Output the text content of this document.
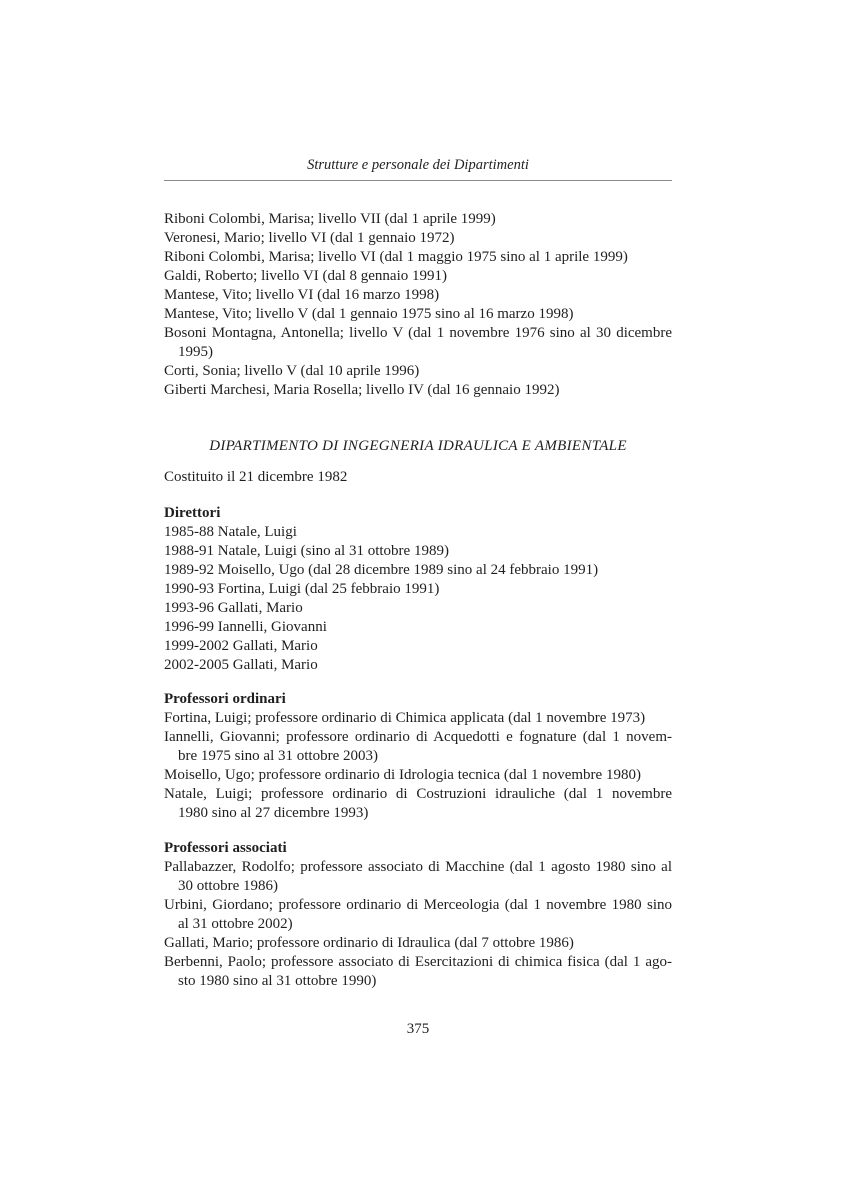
Strutture e personale dei Dipartimenti
Riboni Colombi, Marisa; livello VII (dal 1 aprile 1999)
Veronesi, Mario; livello VI (dal 1 gennaio 1972)
Riboni Colombi, Marisa; livello VI (dal 1 maggio 1975 sino al 1 aprile 1999)
Galdi, Roberto; livello VI (dal 8 gennaio 1991)
Mantese, Vito; livello VI (dal 16 marzo 1998)
Mantese, Vito; livello V (dal 1 gennaio 1975 sino al 16 marzo 1998)
Bosoni Montagna, Antonella; livello V (dal 1 novembre 1976 sino al 30 dicembre
1995)
Corti, Sonia; livello V (dal 10 aprile 1996)
Giberti Marchesi, Maria Rosella; livello IV (dal 16 gennaio 1992)
DIPARTIMENTO DI INGEGNERIA IDRAULICA E AMBIENTALE
Costituito il 21 dicembre 1982
Direttori
1985-88 Natale, Luigi
1988-91 Natale, Luigi (sino al 31 ottobre 1989)
1989-92 Moisello, Ugo (dal 28 dicembre 1989 sino al 24 febbraio 1991)
1990-93 Fortina, Luigi (dal 25 febbraio 1991)
1993-96 Gallati, Mario
1996-99 Iannelli, Giovanni
1999-2002 Gallati, Mario
2002-2005 Gallati, Mario
Professori ordinari
Fortina, Luigi; professore ordinario di Chimica applicata (dal 1 novembre 1973)
Iannelli, Giovanni; professore ordinario di Acquedotti e fognature (dal 1 novem-
bre 1975 sino al 31 ottobre 2003)
Moisello, Ugo; professore ordinario di Idrologia tecnica (dal 1 novembre 1980)
Natale, Luigi; professore ordinario di Costruzioni idrauliche (dal 1 novembre
1980 sino al 27 dicembre 1993)
Professori associati
Pallabazzer, Rodolfo; professore associato di Macchine (dal 1 agosto 1980 sino al
30 ottobre 1986)
Urbini, Giordano; professore ordinario di Merceologia (dal 1 novembre 1980 sino
al 31 ottobre 2002)
Gallati, Mario; professore ordinario di Idraulica (dal 7 ottobre 1986)
Berbenni, Paolo; professore associato di Esercitazioni di chimica fisica (dal 1 ago-
sto 1980 sino al 31 ottobre 1990)
375
